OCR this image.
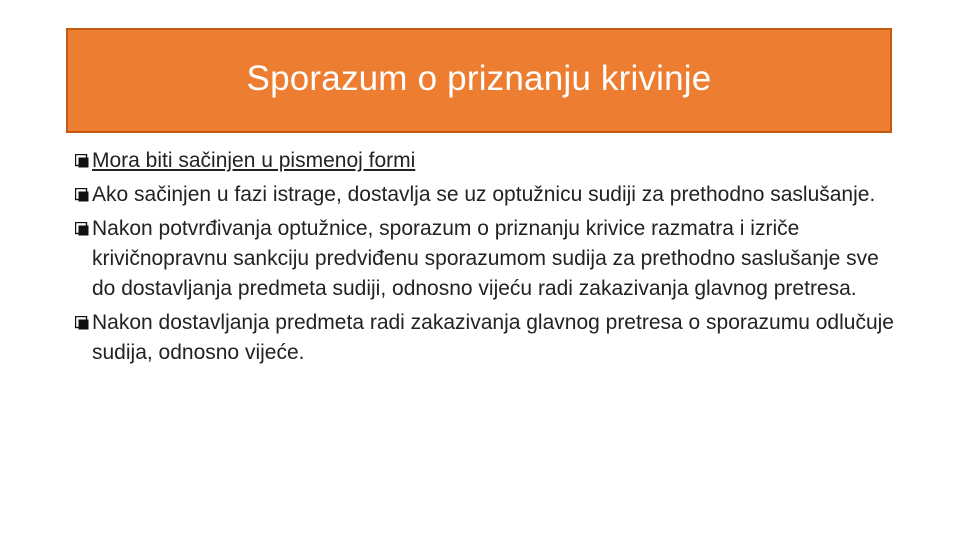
Sporazum o priznanju krivinje
Mora biti sačinjen u pismenoj formi
Ako sačinjen u fazi istrage, dostavlja se uz optužnicu sudiji za prethodno saslušanje.
Nakon potvrđivanja optužnice, sporazum o priznanju krivice razmatra i izriče krivičnopravnu sankciju predviđenu sporazumom sudija za prethodno saslušanje sve do dostavljanja predmeta sudiji, odnosno vijeću radi zakazivanja glavnog pretresa.
Nakon dostavljanja predmeta radi zakazivanja glavnog pretresa o sporazumu odlučuje sudija, odnosno vijeće.
